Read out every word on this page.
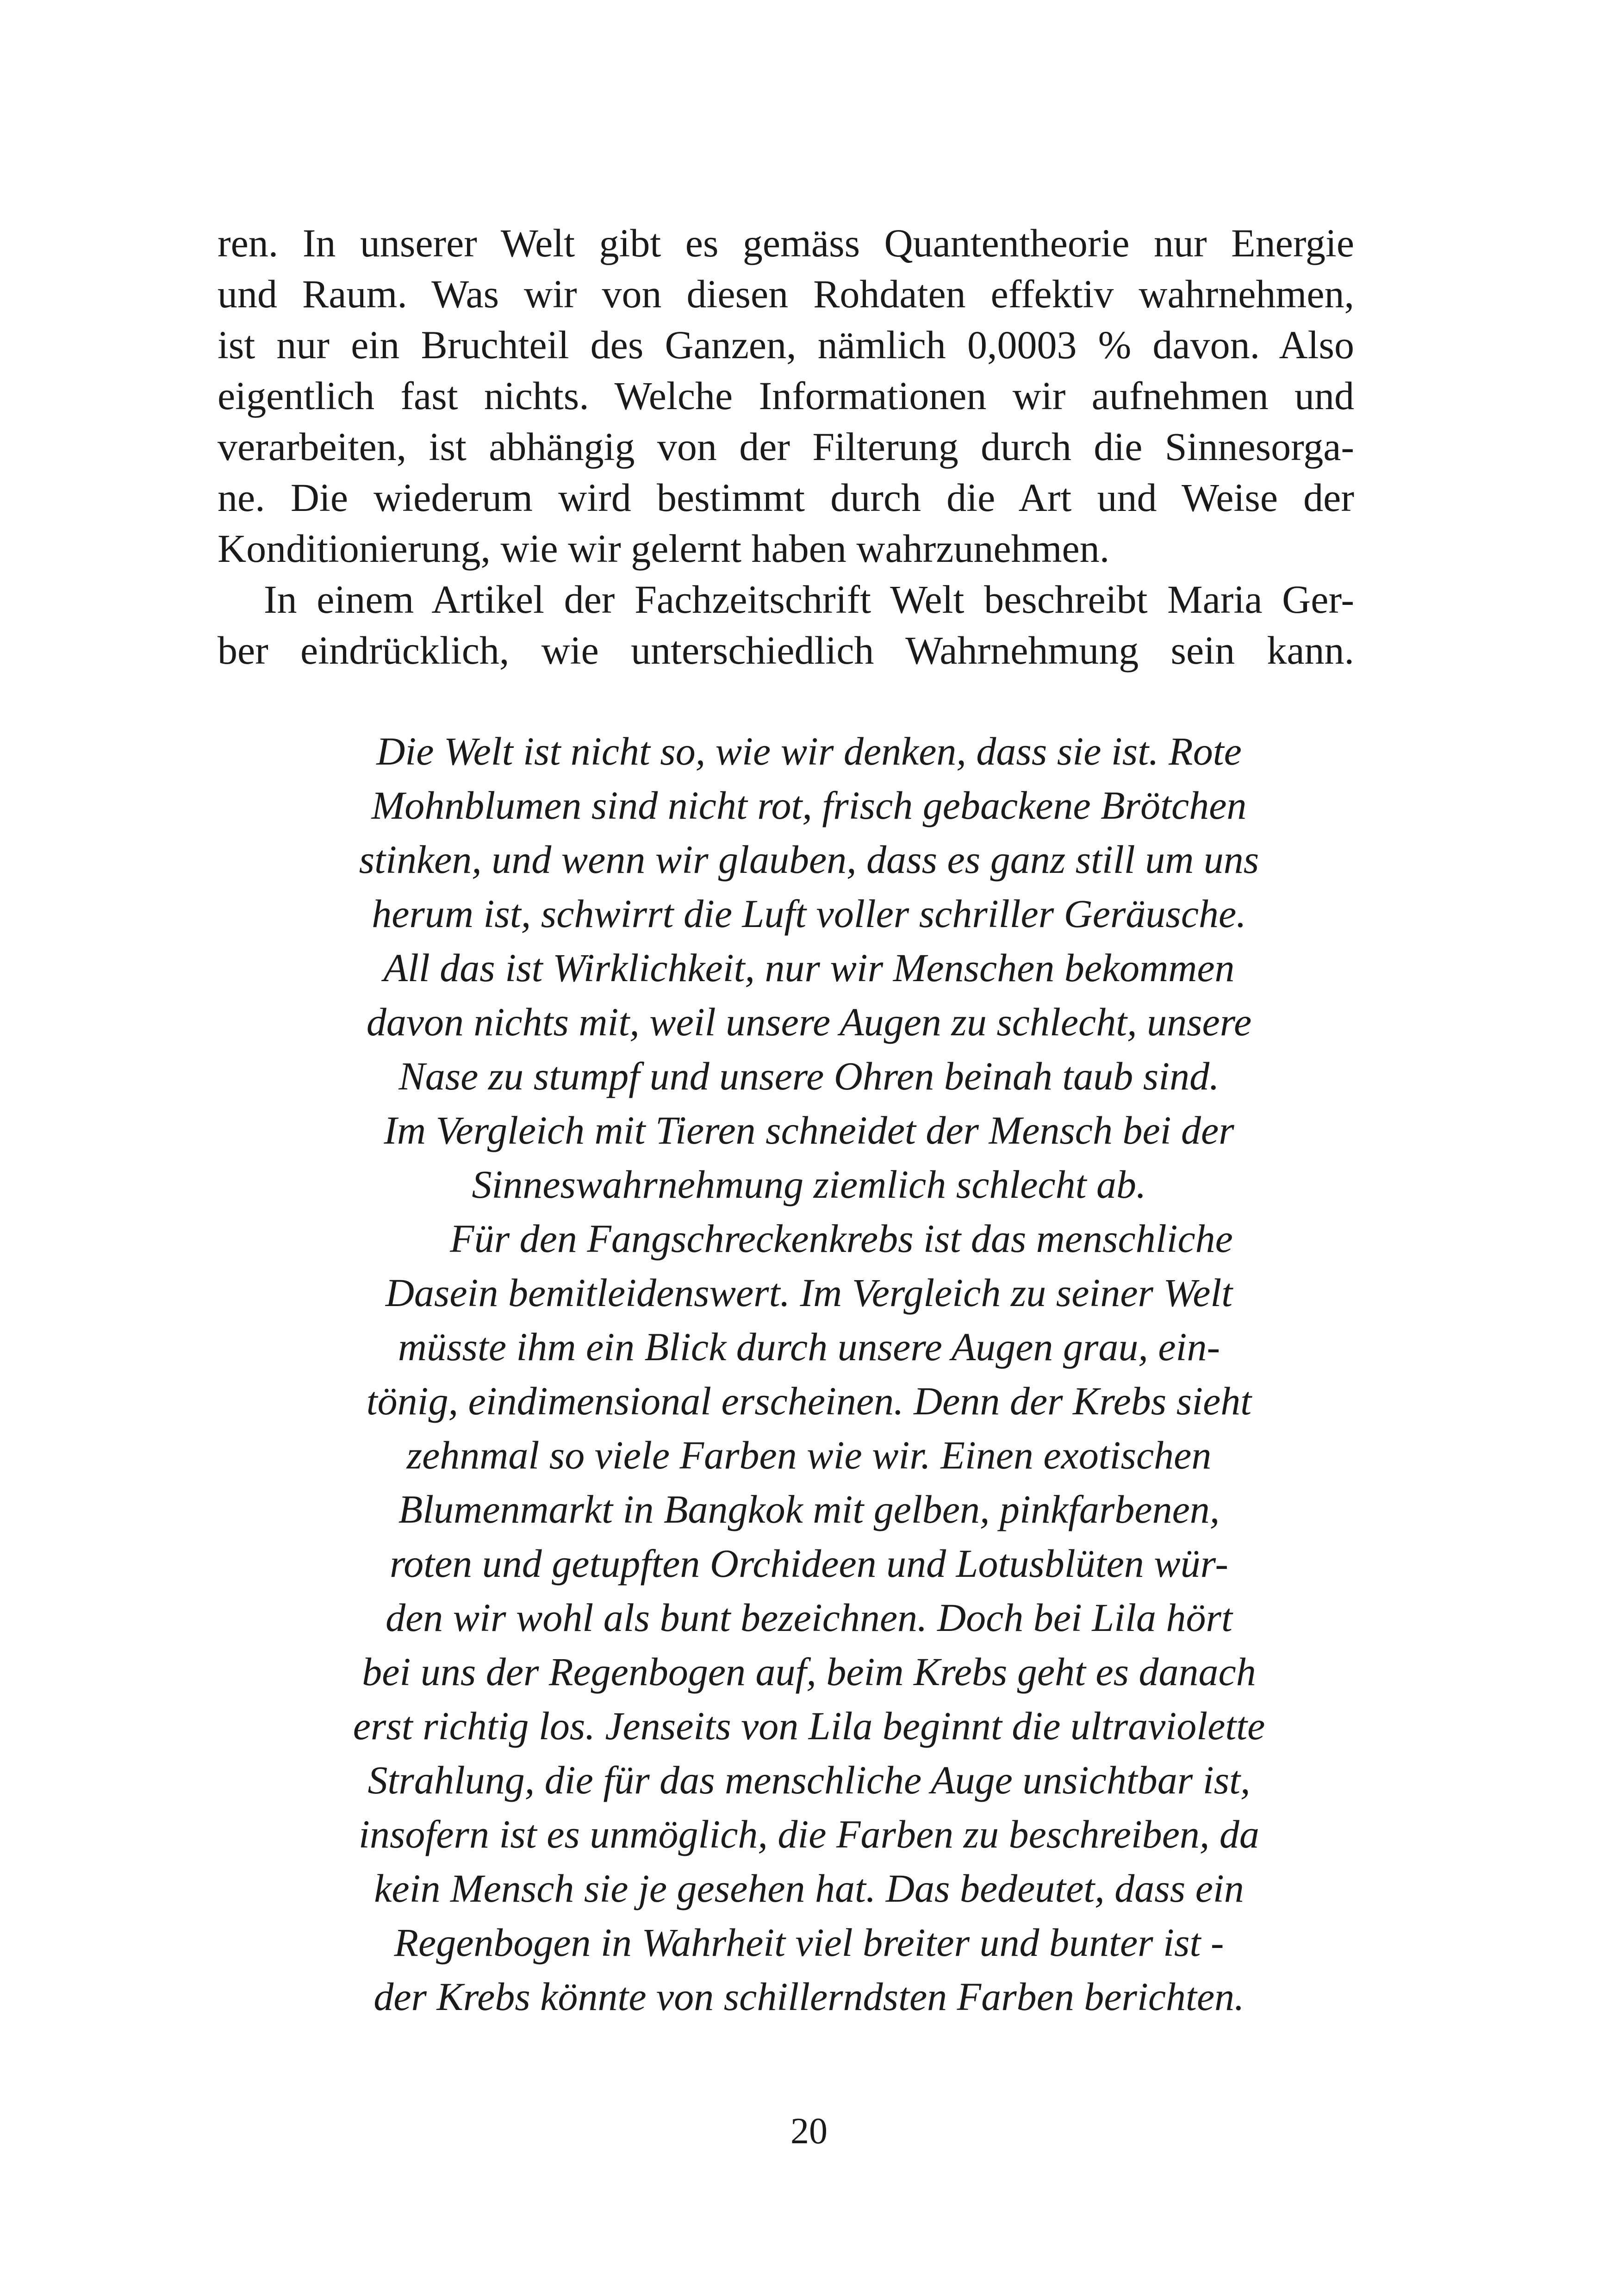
ren. In unserer Welt gibt es gemäss Quantentheorie nur Energie
und Raum. Was wir von diesen Rohdaten effektiv wahrnehmen,
ist nur ein Bruchteil des Ganzen, nämlich 0,0003 % davon. Also
eigentlich fast nichts. Welche Informationen wir aufnehmen und
verarbeiten, ist abhängig von der Filterung durch die Sinnesorga-
ne. Die wiederum wird bestimmt durch die Art und Weise der
Konditionierung, wie wir gelernt haben wahrzunehmen.
In einem Artikel der Fachzeitschrift Welt beschreibt Maria Ger-
ber eindrücklich, wie unterschiedlich Wahrnehmung sein kann.
Die Welt ist nicht so, wie wir denken, dass sie ist. Rote
Mohnblumen sind nicht rot, frisch gebackene Brötchen
stinken, und wenn wir glauben, dass es ganz still um uns
herum ist, schwirrt die Luft voller schriller Geräusche.
All das ist Wirklichkeit, nur wir Menschen bekommen
davon nichts mit, weil unsere Augen zu schlecht, unsere
Nase zu stumpf und unsere Ohren beinah taub sind.
Im Vergleich mit Tieren schneidet der Mensch bei der
Sinneswahrnehmung ziemlich schlecht ab.
Für den Fangschreckenkrebs ist das menschliche
Dasein bemitleidenswert. Im Vergleich zu seiner Welt
müsste ihm ein Blick durch unsere Augen grau, ein-
tönig, eindimensional erscheinen. Denn der Krebs sieht
zehnmal so viele Farben wie wir. Einen exotischen
Blumenmarkt in Bangkok mit gelben, pinkfarbenen,
roten und getupften Orchideen und Lotusblüten wür-
den wir wohl als bunt bezeichnen. Doch bei Lila hört
bei uns der Regenbogen auf, beim Krebs geht es danach
erst richtig los. Jenseits von Lila beginnt die ultraviolette
Strahlung, die für das menschliche Auge unsichtbar ist,
insofern ist es unmöglich, die Farben zu beschreiben, da
kein Mensch sie je gesehen hat. Das bedeutet, dass ein
Regenbogen in Wahrheit viel breiter und bunter ist -
der Krebs könnte von schillerndsten Farben berichten.
20
